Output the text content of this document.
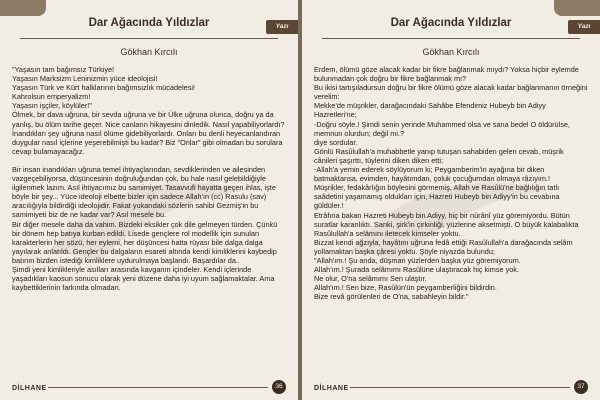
Dar Ağacında Yıldızlar	Yazı
Gökhan Kırcılı

"Yaşasın tam bağımsız Türkiye!

Yaşasın Marksizm Leninizmin yüce ideolojisi!

Yaşasın Türk ve Kürt halklarının bağımsızlık mücadelesi!

Kahrolsun emperyalizm!

Yaşasın işçiler, köylüler!"

Ölmek, bir dava uğruna, bir sevda uğruna ve bir Ülke uğruna olunca, doğru ya da yanlış, bu ölüm tarihe geçer. Nice canların hikayesini dinledik. Nasıl yapabiliyorlardı? İnandıkları şey uğruna nasıl ölüme gidebiliyorlardı. Onları bu denli heyecanlandıran duygular nasıl içlerine yeşerebilmişti bu kadar? Biz "Onlar" gibi olmadan bu sorulara cevap bulamayacağız.

Bir insan inandıkları uğruna temel ihtiyaçlarından, sevdiklerinden ve ailesinden vazgeçebiliyorsa, düşüncesinin doğruluğundan çok, bu hale nasıl gelebildiğiyle ilgilenmek lazım. Asıl ihtiyacımız bu samimiyet. Tasavvufi hayatta geçen ihlas, işte böyle bir şey... Yüce ideoloji elbette bizler için sadece Allah'ın (cc) Rasulu (sav) aracılığıyla bildirdiği ideolojidir. Fakat yukarıdaki sözlerin sahibi Gezmiş'in bu samimiyeti biz de ne kadar var? Asıl mesele bu.

Bir diğer mesele daha da vahim. Bizdeki eksikler çok dile gelmeyen türden. Çünkü bir dönem hep batıya kurban edildi. Lisede gençlere rol modellik için sunulan karakterlerin her sözü, her eylemi, her düşüncesi hatta rüyası bile dalga dalga yayılarak anlatıldı. Gençler bu dalgaların esareti altında kendi kimliklerini kaybedip batının bizden istediği kimliklere uydurulmaya başlandı. Başardılar da..

Şimdi yeni kimlikleriyle asılları arasında kavganın içindeler. Kendi içlerinde yaşadıkları kaosun sonucu olarak yeni düzene daha iyi uyum sağlamaktalar. Ama kaybettiklerinin farkında olmadan.

DİLHANE	36
Dar Ağacında Yıldızlar	Yazı
Gökhan Kırcılı

Erdem, ölümü göze alacak kadar bir fikre bağlanmak mıydı? Yoksa hiçbir eylemde bulunmadan çok doğru bir fikre bağlanmak mı?

Bu ikisi tartışıladursun doğru bir fikre ölümü göze alacak kadar bağlanmanın örneğini verelim:

Mekke'de müşrikler, darağacındaki Sahâbe Efendimiz Hubeyb bin Adiyy Hazretleri'ne;

-Doğru söyle.! Şimdi senin yerinde Muhammed olsa ve sana bedel O öldürülse, memnun olurdun; değil mi.?

diye sordular.

Gönlü Rasûlullah'a muhabbetle yanıp tutuşan sahabiden gelen cevab, müşrik cânileri şaşırttı, tüylerini diken diken etti;

-Allah'a yemin ederek söylüyorum ki; Peygamberim'in ayağına bir diken batmaktansa, evimden, hayâtımdan, çoluk çocuğumdan olmaya râzıyım.!

Müşrikler, fedakârlığın böylesini görmemiş, Allah ve Rasûlü'ne bağlılığın tatlı saâdetini yaşamamış oldukları için, Hazreti Hubeyb bin Adiyy'in bu cevabına güldüler.!

Etrâfına bakan Hazreti Hubeyb bin Adiyy, hiç bir nûrânî yüz göremiyordu. Bütün suratlar karanlıktı. Sanki, şirk'in çirkinliği, yüzlerine aksetmişti. O büyük kalabalıkta Rasûlullah'a selâmını iletecek kimseler yoktu.

Bizzat kendi ağzıyla, hayâtını uğruna fedâ ettiği Rasûlullah'a darağacında selâm yollamaktan başka çâresi yoktu. Şöyle niyazda bulundu;

"Allah'ım.! Şu anda, düşman yüzlerden başka yüz göremiyorum.

Allah'ım.! Şurada selâmımı Rasûlüne ulaştıracak hiç kimse yok.

Ne olur, O'na selâmımı Sen ulaştır.

Allah'ım.! Sen bize, Rasûlün'ün peygamberliğini bildirdin.

Bize revâ görülenleri de O'na, sabahleyin bildir."

DİLHANE	37
